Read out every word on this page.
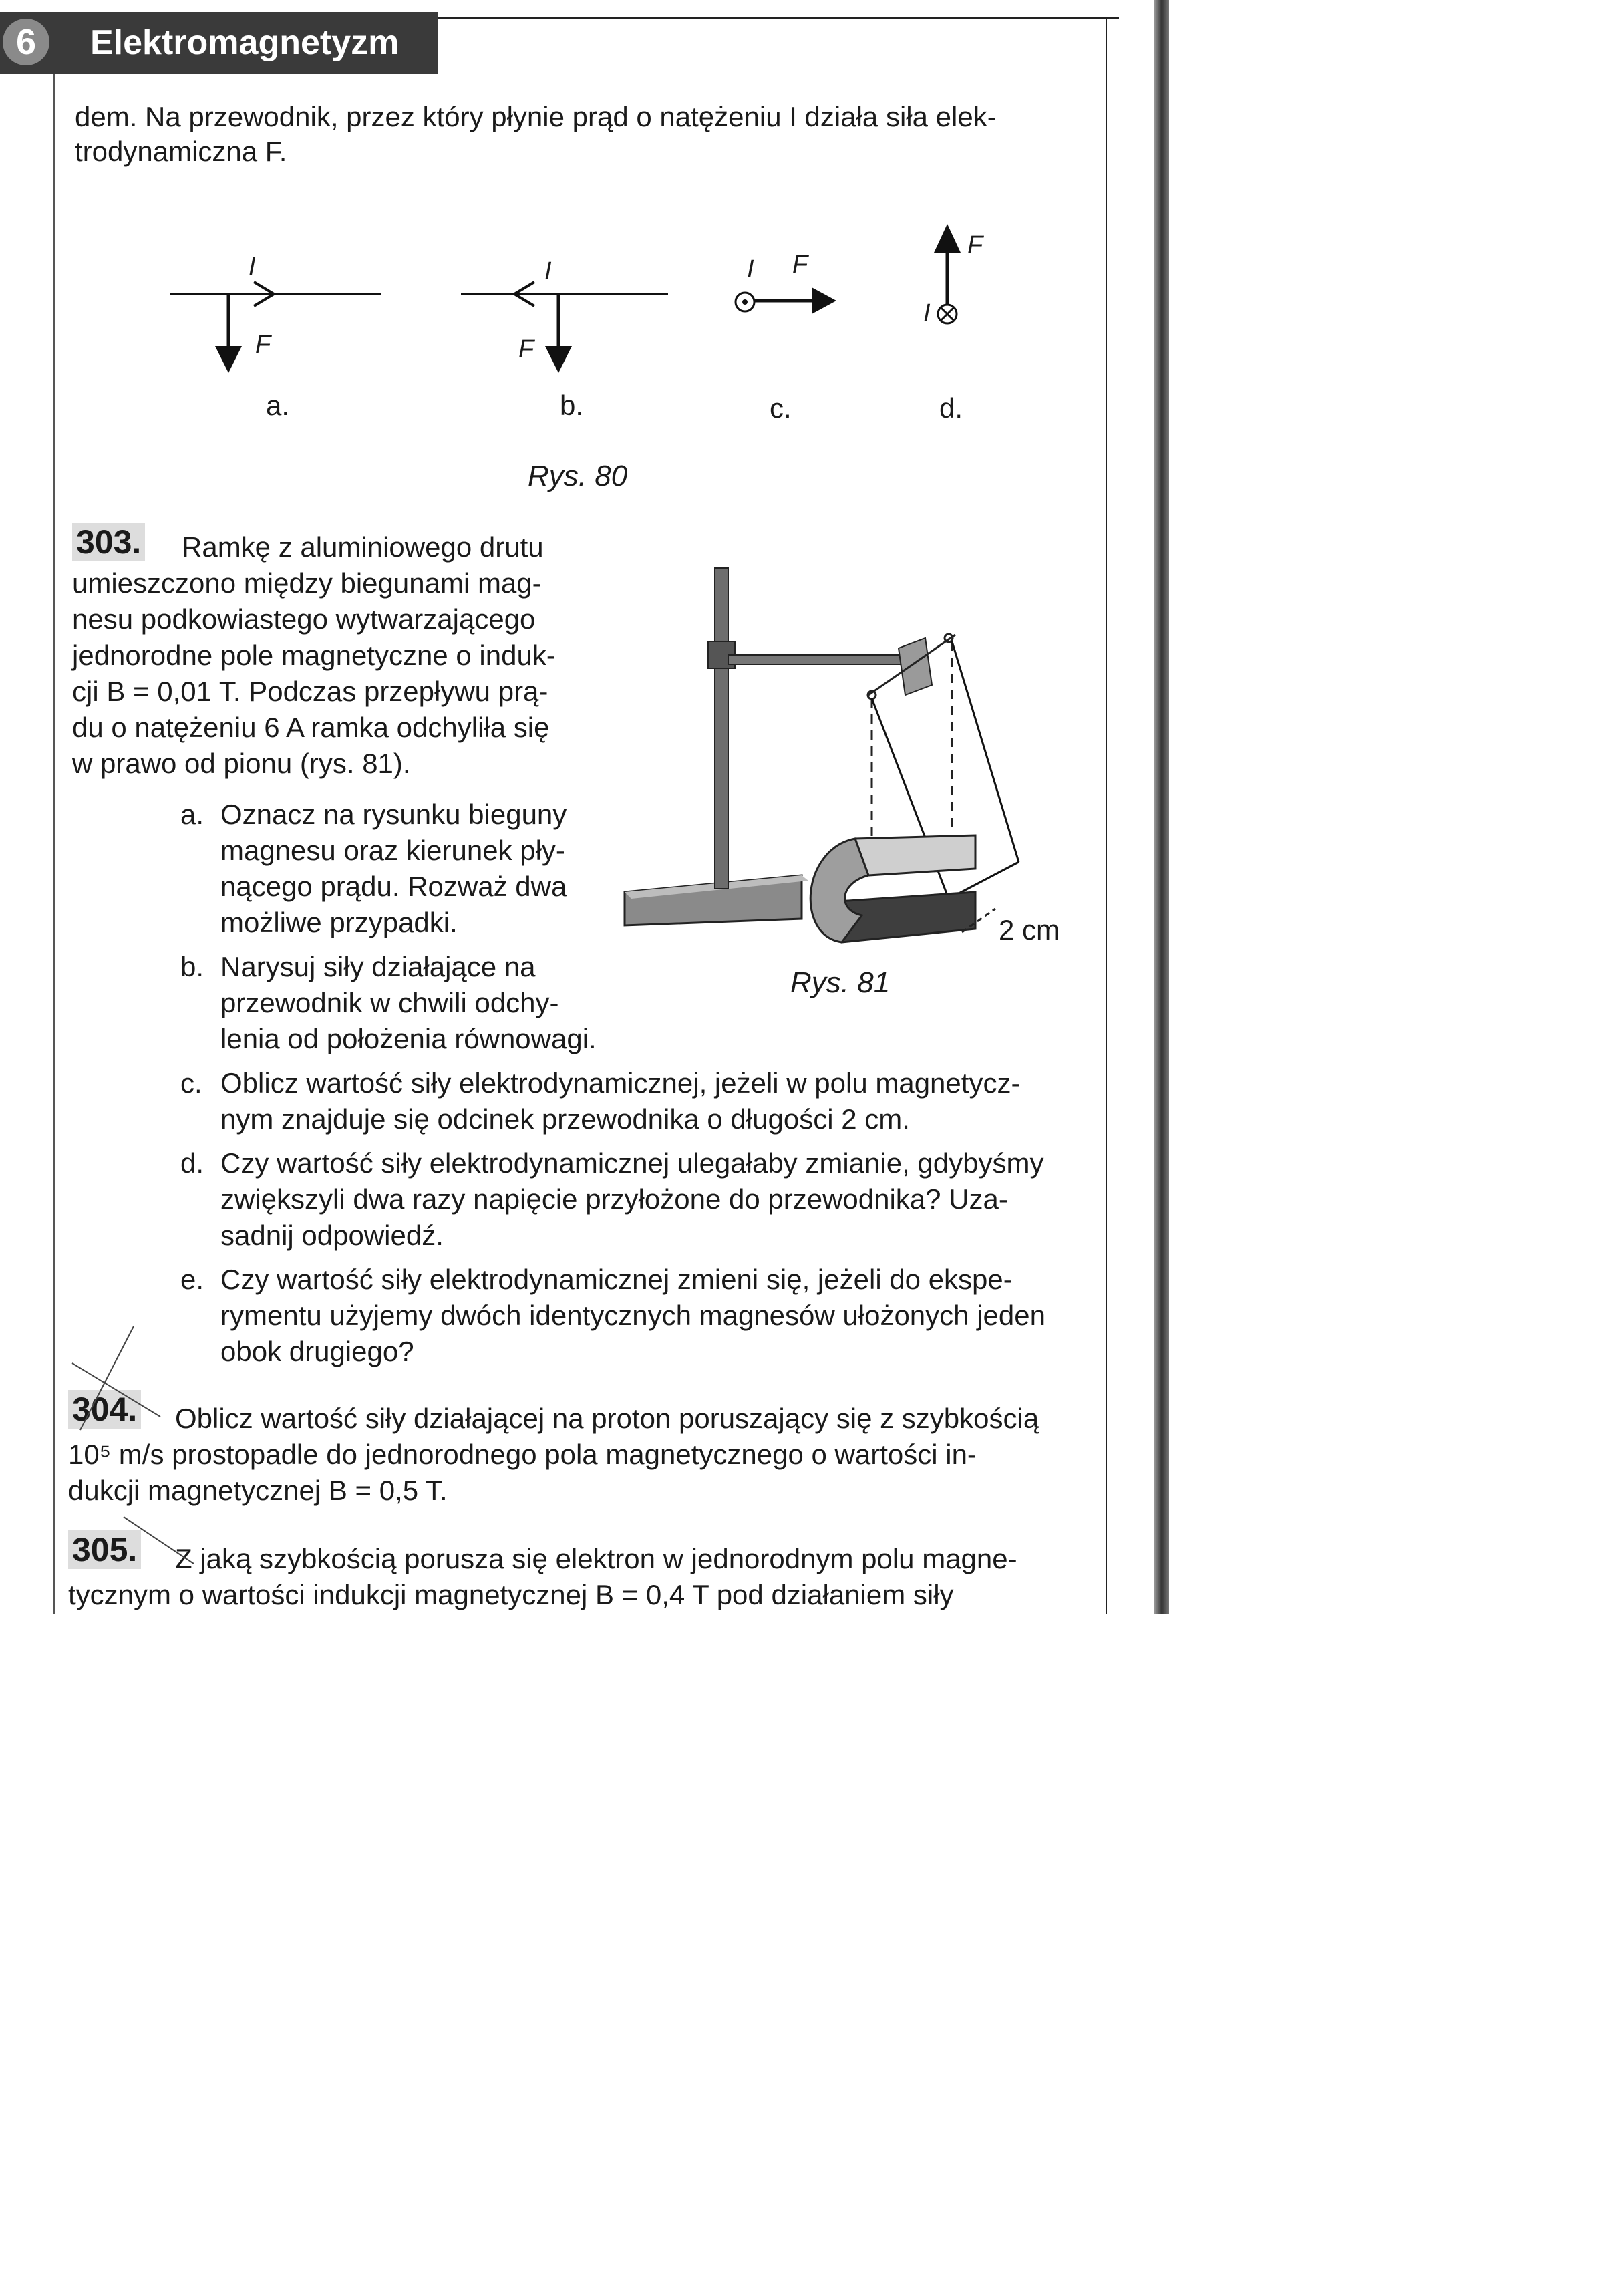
6	Elektromagnetyzm
dem. Na przewodnik, przez który płynie prąd o natężeniu I działa siła elek-
trodynamiczna F.
I
F
a.
I
F
b.
I F
c.
I
F
d.
Rys. 80
303. Ramkę z aluminiowego drutu
umieszczono między biegunami mag-
nesu podkowiastego wytwarzającego
jednorodne pole magnetyczne o induk-
cji B = 0,01 T. Podczas przepływu prą-
du o natężeniu 6 A ramka odchyliła się
w prawo od pionu (rys. 81).
a. Oznacz na rysunku bieguny
magnesu oraz kierunek pły-
nącego prądu. Rozważ dwa
możliwe przypadki.
b. Narysuj siły działające na
przewodnik w chwili odchy-
lenia od położenia równowagi.
c. Oblicz wartość siły elektrodynamicznej, jeżeli w polu magnetycz-
nym znajduje się odcinek przewodnika o długości 2 cm.
d. Czy wartość siły elektrodynamicznej ulegałaby zmianie, gdybyśmy
zwiększyli dwa razy napięcie przyłożone do przewodnika? Uza-
sadnij odpowiedź.
e. Czy wartość siły elektrodynamicznej zmieni się, jeżeli do ekspe-
rymentu użyjemy dwóch identycznych magnesów ułożonych jeden
obok drugiego?
2 cm
Rys. 81
304. Oblicz wartość siły działającej na proton poruszający się z szybkością
10⁵ m/s prostopadle do jednorodnego pola magnetycznego o wartości in-
dukcji magnetycznej B = 0,5 T.
305. Z jaką szybkością porusza się elektron w jednorodnym polu magne-
tycznym o wartości indukcji magnetycznej B = 0,4 T pod działaniem siły
